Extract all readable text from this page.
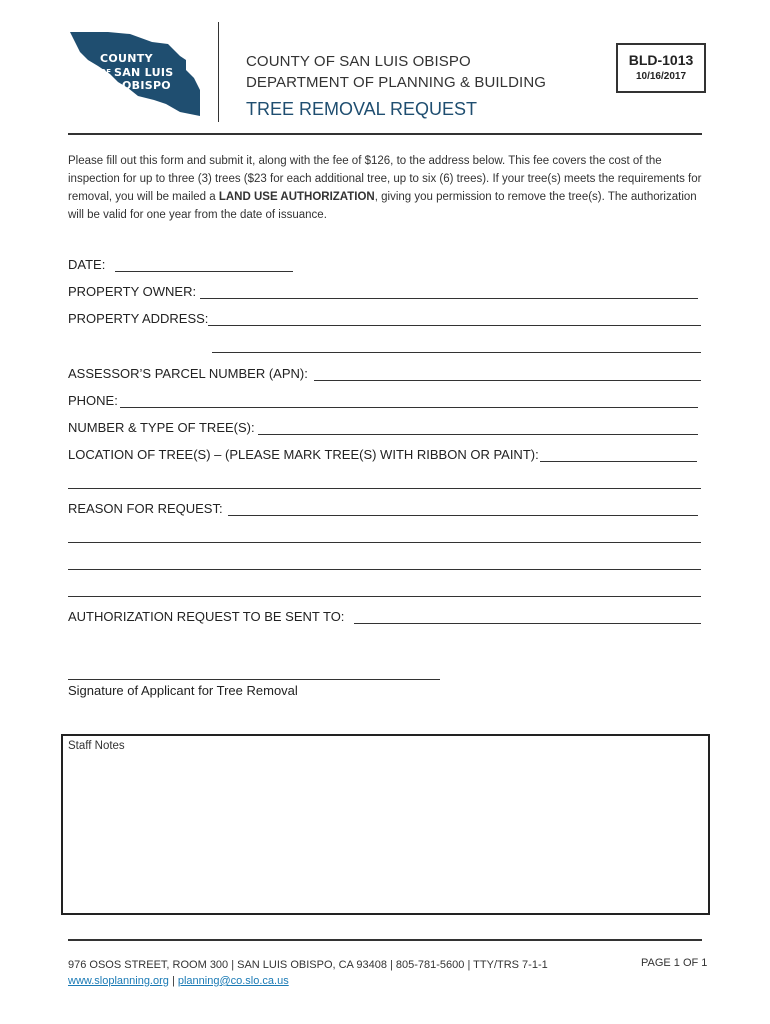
COUNTY
OF SAN LUIS
OBISPO
COUNTY OF SAN LUIS OBISPO
DEPARTMENT OF PLANNING & BUILDING
TREE REMOVAL REQUEST
BLD-1013
10/16/2017
Please fill out this form and submit it, along with the fee of $126, to the address below. This fee covers the cost of the inspection for up to three (3) trees ($23 for each additional tree, up to six (6) trees). If your tree(s) meets the requirements for removal, you will be mailed a LAND USE AUTHORIZATION, giving you permission to remove the tree(s). The authorization will be valid for one year from the date of issuance.
DATE:
PROPERTY OWNER:
PROPERTY ADDRESS:
ASSESSOR’S PARCEL NUMBER (APN):
PHONE:
NUMBER & TYPE OF TREE(S):
LOCATION OF TREE(S) – (PLEASE MARK TREE(S) WITH RIBBON OR PAINT):
REASON FOR REQUEST:
AUTHORIZATION REQUEST TO BE SENT TO:
Signature of Applicant for Tree Removal
Staff Notes
976 OSOS STREET, ROOM 300 | SAN LUIS OBISPO, CA 93408 | 805-781-5600 | TTY/TRS 7-1-1
www.sloplanning.org | planning@co.slo.ca.us
PAGE 1 OF 1
